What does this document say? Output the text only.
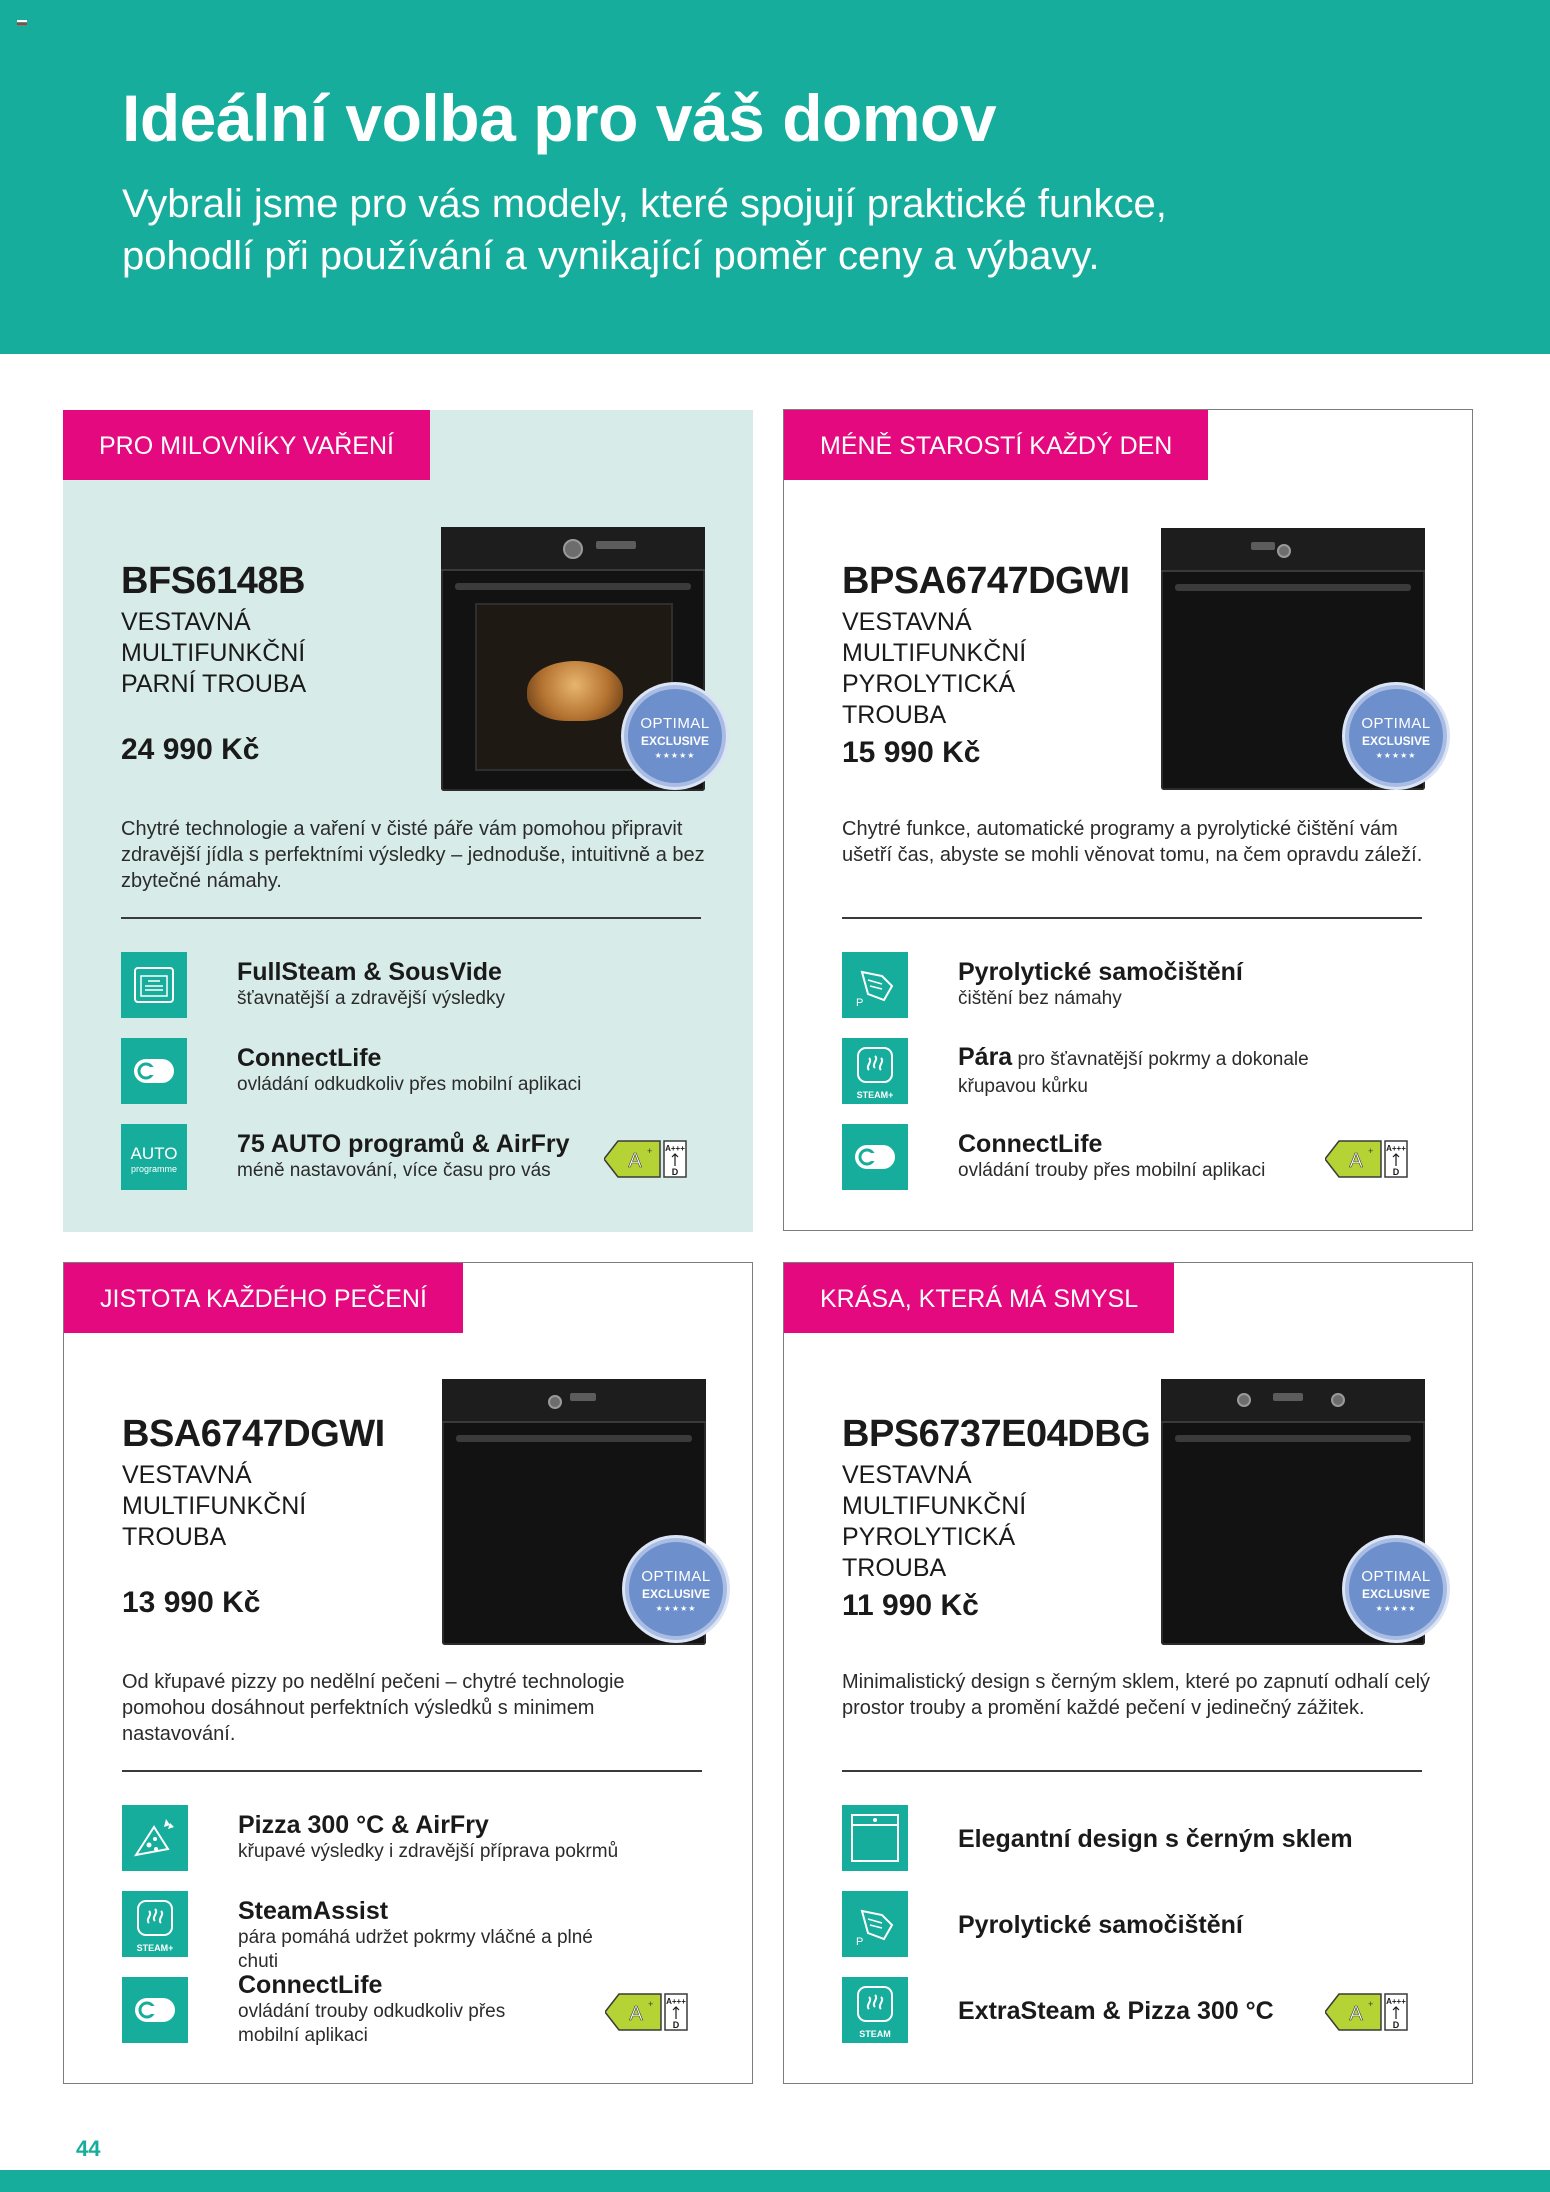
Ideální volba pro váš domov
Vybrali jsme pro vás modely, které spojují praktické funkce,
pohodlí při používání a vynikající poměr ceny a výbavy.
PRO MILOVNÍKY VAŘENÍ
BFS6148B
VESTAVNÁ
MULTIFUNKČNÍ
PARNÍ TROUBA
24 990 Kč
OPTIMAL
EXCLUSIVE
★★★★★
Chytré technologie a vaření v čisté páře vám pomohou připravit zdravější jídla s perfektními výsledky – jednoduše, intuitivně a bez zbytečné námahy.
FullSteam & SousVide
šťavnatější a zdravější výsledky
ConnectLife
ovládání odkudkoliv přes mobilní aplikaci
AUTO
programme
75 AUTO programů & AirFry
méně nastavování, více času pro vás	A + A+++
D
MÉNĚ STAROSTÍ KAŽDÝ DEN
BPSA6747DGWI
VESTAVNÁ
MULTIFUNKČNÍ
PYROLYTICKÁ
TROUBA
15 990 Kč
OPTIMAL
EXCLUSIVE
★★★★★
Chytré funkce, automatické programy a pyrolytické čištění vám ušetří čas, abyste se mohli věnovat tomu, na čem opravdu záleží.
P
Pyrolytické samočištění
čištění bez námahy
STEAM+
Pára pro šťavnatější pokrmy a dokonale křupavou kůrku
ConnectLife
ovládání trouby přes mobilní aplikaci	A + A+++
D
JISTOTA KAŽDÉHO PEČENÍ
BSA6747DGWI
VESTAVNÁ
MULTIFUNKČNÍ
TROUBA
13 990 Kč
OPTIMAL
EXCLUSIVE
★★★★★
Od křupavé pizzy po nedělní pečeni – chytré technologie pomohou dosáhnout perfektních výsledků s minimem nastavování.
Pizza 300 °C & AirFry
křupavé výsledky i zdravější příprava pokrmů
STEAM+
SteamAssist
pára pomáhá udržet pokrmy vláčné a plné chuti
ConnectLife
ovládání trouby odkudkoliv přes mobilní aplikaci
A + A+++
D
KRÁSA, KTERÁ MÁ SMYSL
BPS6737E04DBG
VESTAVNÁ
MULTIFUNKČNÍ
PYROLYTICKÁ
TROUBA
11 990 Kč
OPTIMAL
EXCLUSIVE
★★★★★
Minimalistický design s černým sklem, které po zapnutí odhalí celý prostor trouby a promění každé pečení v jedinečný zážitek.
Elegantní design s černým sklem
P
Pyrolytické samočištění
STEAM
ExtraSteam & Pizza 300 °C	A + A+++
D
44
